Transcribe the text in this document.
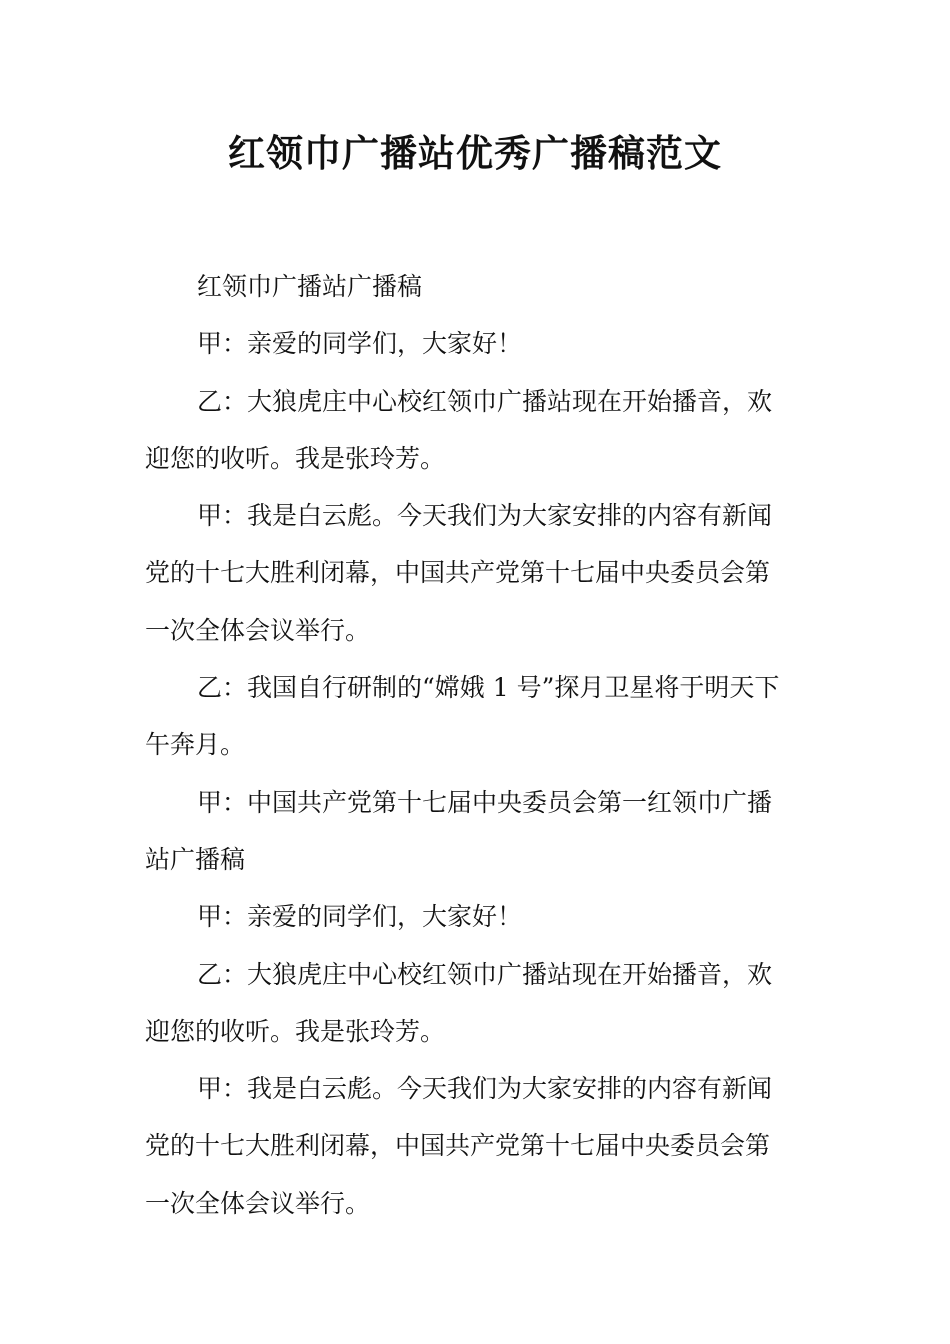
红领巾广播站优秀广播稿范文
红领巾广播站广播稿
甲：亲爱的同学们，大家好！
乙：大狼虎庄中心校红领巾广播站现在开始播音，欢
迎您的收听。我是张玲芳。
甲：我是白云彪。今天我们为大家安排的内容有新闻
党的十七大胜利闭幕，中国共产党第十七届中央委员会第
一次全体会议举行。
乙：我国自行研制的“嫦娥 1 号”探月卫星将于明天下
午奔月。
甲：中国共产党第十七届中央委员会第一红领巾广播
站广播稿
甲：亲爱的同学们，大家好！
乙：大狼虎庄中心校红领巾广播站现在开始播音，欢
迎您的收听。我是张玲芳。
甲：我是白云彪。今天我们为大家安排的内容有新闻
党的十七大胜利闭幕，中国共产党第十七届中央委员会第
一次全体会议举行。
